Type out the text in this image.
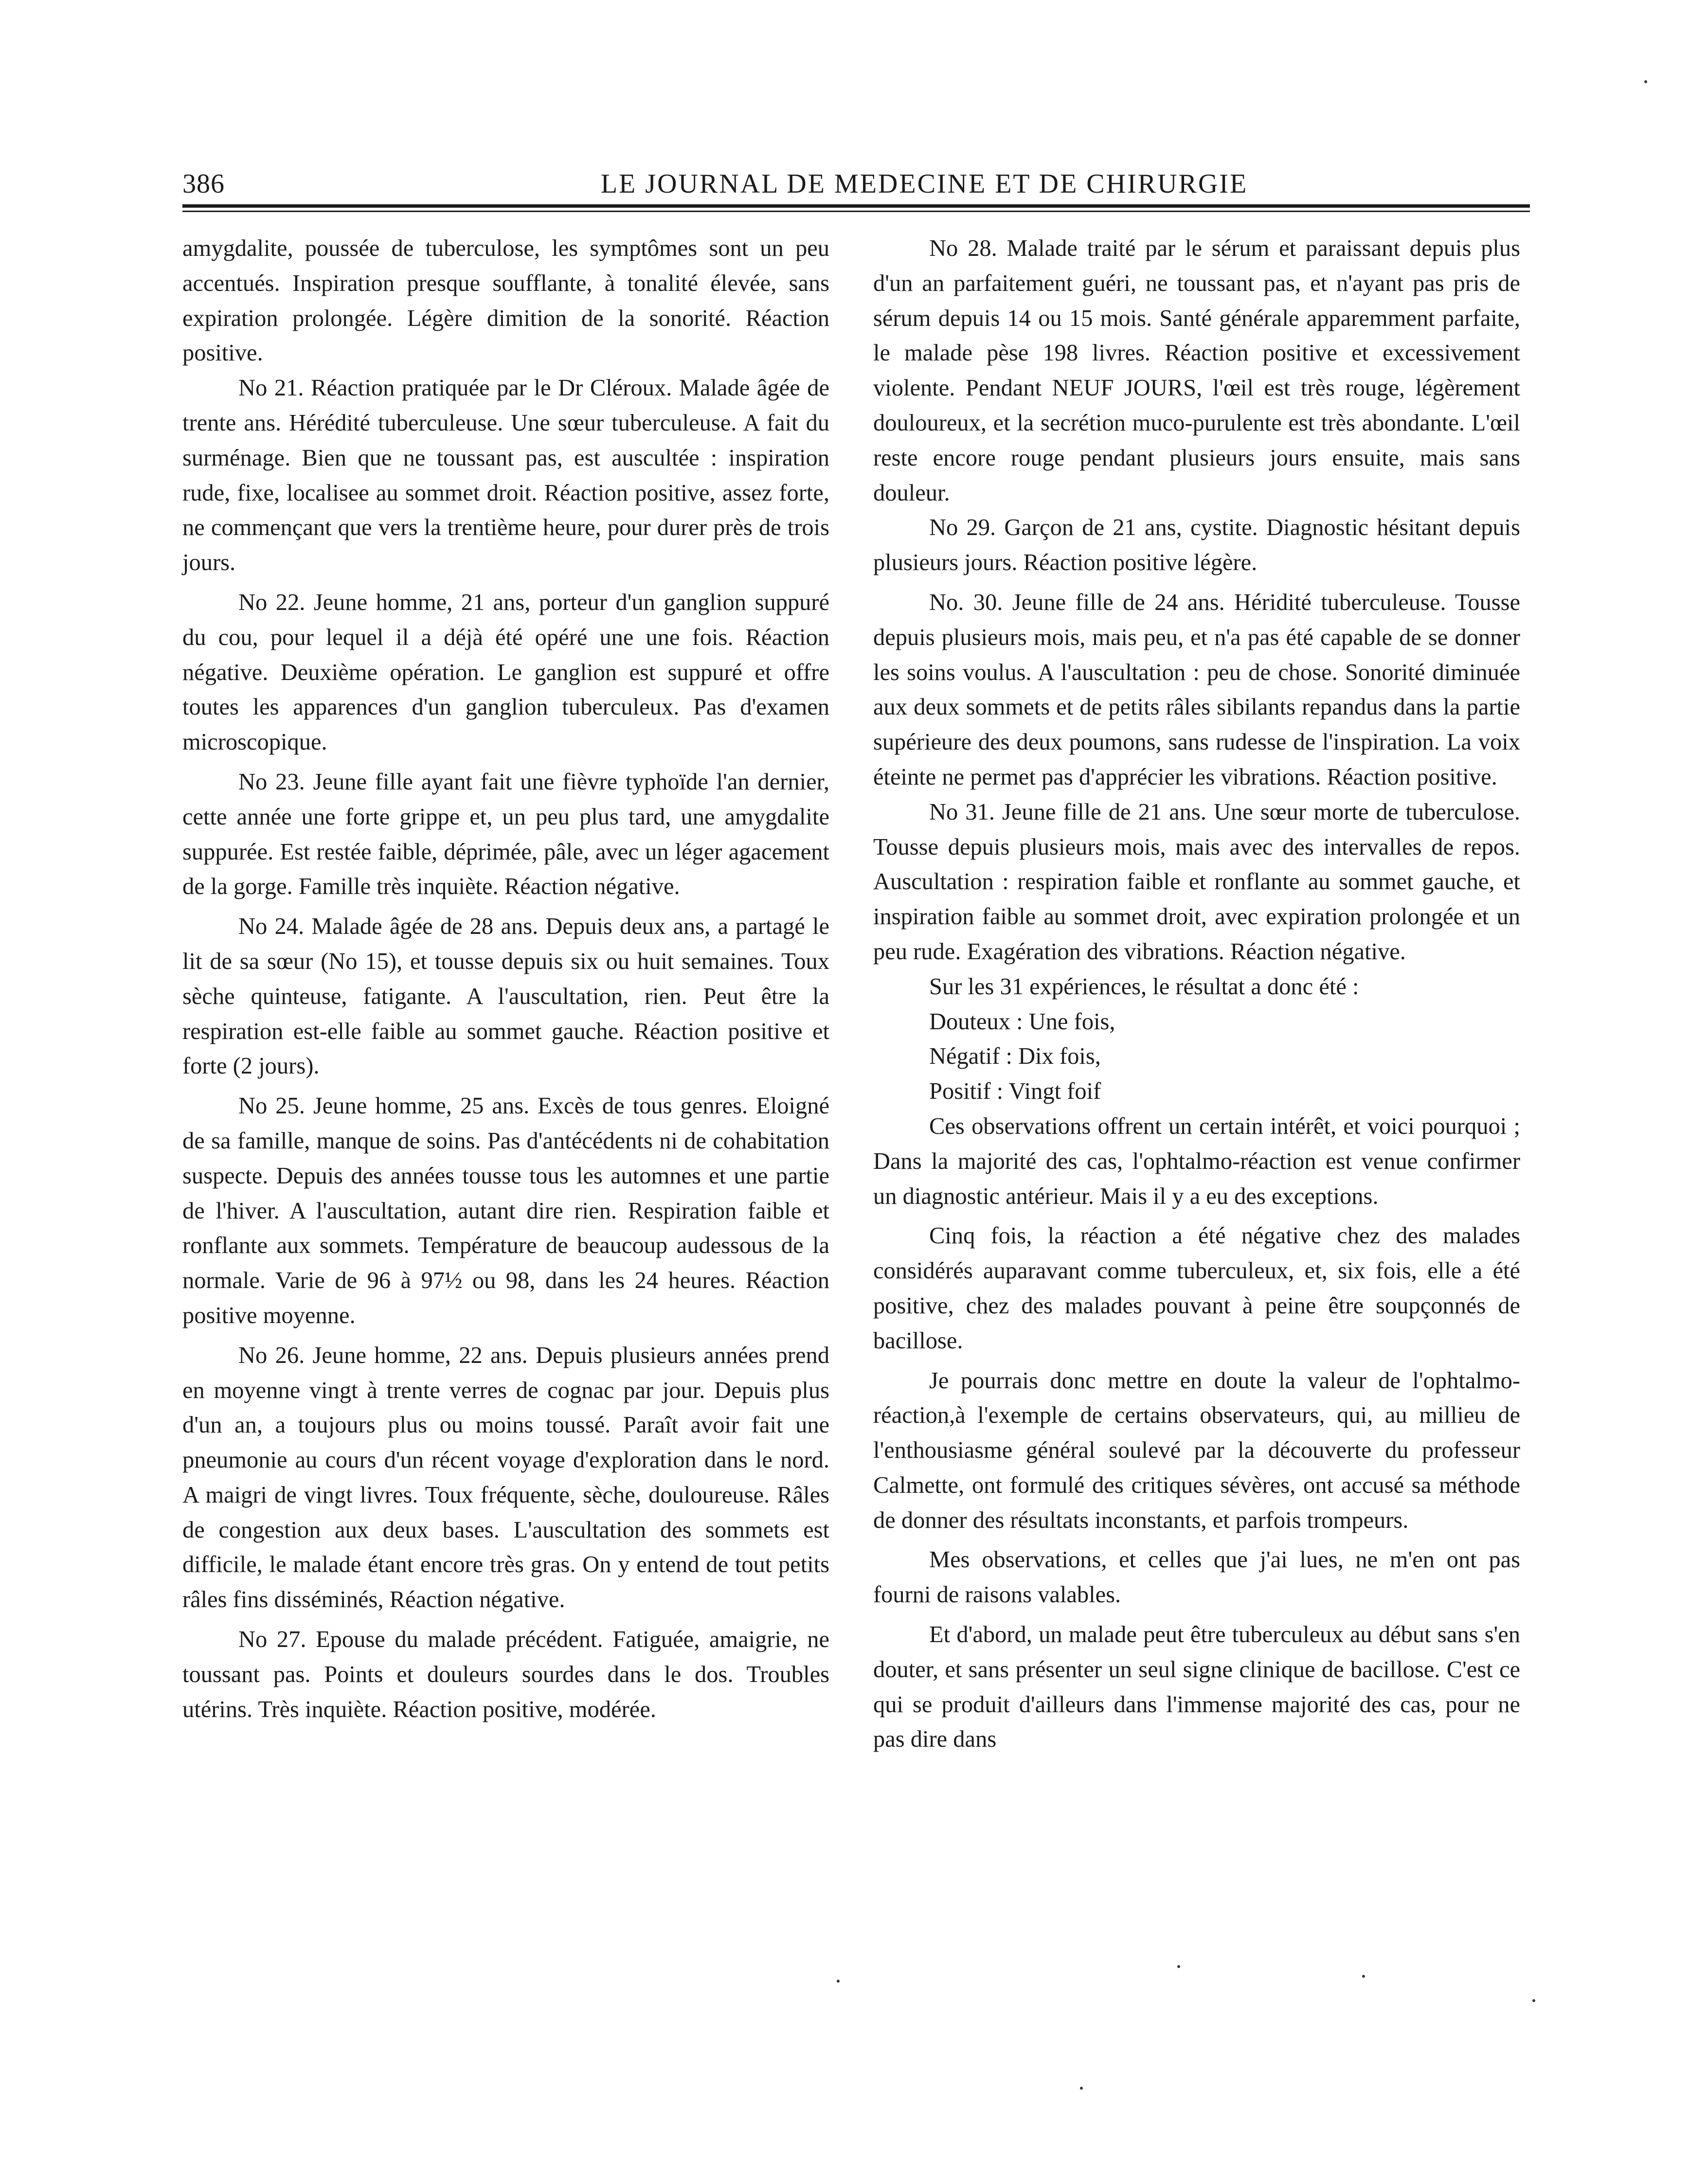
386	LE JOURNAL DE MEDECINE ET DE CHIRURGIE

amygdalite, poussée de tuberculose, les symptômes sont un peu accentués. Inspiration presque soufflante, à tonalité élevée, sans expiration prolongée. Légère dimition de la sonorité. Réaction positive.

No 21. Réaction pratiquée par le Dr Cléroux. Malade âgée de trente ans. Hérédité tuberculeuse. Une sœur tuberculeuse. A fait du surménage. Bien que ne toussant pas, est auscultée : inspiration rude, fixe, localisee au sommet droit. Réaction positive, assez forte, ne commençant que vers la trentième heure, pour durer près de trois jours.

No 22. Jeune homme, 21 ans, porteur d'un ganglion suppuré du cou, pour lequel il a déjà été opéré une une fois. Réaction négative. Deuxième opération. Le ganglion est suppuré et offre toutes les apparences d'un ganglion tuberculeux. Pas d'examen microscopique.

No 23. Jeune fille ayant fait une fièvre typhoïde l'an dernier, cette année une forte grippe et, un peu plus tard, une amygdalite suppurée. Est restée faible, déprimée, pâle, avec un léger agacement de la gorge. Famille très inquiète. Réaction négative.

No 24. Malade âgée de 28 ans. Depuis deux ans, a partagé le lit de sa sœur (No 15), et tousse depuis six ou huit semaines. Toux sèche quinteuse, fatigante. A l'auscultation, rien. Peut être la respiration est-elle faible au sommet gauche. Réaction positive et forte (2 jours).

No 25. Jeune homme, 25 ans. Excès de tous genres. Eloigné de sa famille, manque de soins. Pas d'antécédents ni de cohabitation suspecte. Depuis des années tousse tous les automnes et une partie de l'hiver. A l'auscultation, autant dire rien. Respiration faible et ronflante aux sommets. Température de beaucoup audessous de la normale. Varie de 96 à 97½ ou 98, dans les 24 heures. Réaction positive moyenne.

No 26. Jeune homme, 22 ans. Depuis plusieurs années prend en moyenne vingt à trente verres de cognac par jour. Depuis plus d'un an, a toujours plus ou moins toussé. Paraît avoir fait une pneumonie au cours d'un récent voyage d'exploration dans le nord. A maigri de vingt livres. Toux fréquente, sèche, douloureuse. Râles de congestion aux deux bases. L'auscultation des sommets est difficile, le malade étant encore très gras. On y entend de tout petits râles fins disséminés, Réaction négative.

No 27. Epouse du malade précédent. Fatiguée, amaigrie, ne toussant pas. Points et douleurs sourdes dans le dos. Troubles utérins. Très inquiète. Réaction positive, modérée.

No 28. Malade traité par le sérum et paraissant depuis plus d'un an parfaitement guéri, ne toussant pas, et n'ayant pas pris de sérum depuis 14 ou 15 mois. Santé générale apparemment parfaite, le malade pèse 198 livres. Réaction positive et excessivement violente. Pendant NEUF JOURS, l'œil est très rouge, légèrement douloureux, et la secrétion muco-purulente est très abondante. L'œil reste encore rouge pendant plusieurs jours ensuite, mais sans douleur.

No 29. Garçon de 21 ans, cystite. Diagnostic hésitant depuis plusieurs jours. Réaction positive légère.

No. 30. Jeune fille de 24 ans. Héridité tuberculeuse. Tousse depuis plusieurs mois, mais peu, et n'a pas été capable de se donner les soins voulus. A l'auscultation : peu de chose. Sonorité diminuée aux deux sommets et de petits râles sibilants repandus dans la partie supérieure des deux poumons, sans rudesse de l'inspiration. La voix éteinte ne permet pas d'apprécier les vibrations. Réaction positive.

No 31. Jeune fille de 21 ans. Une sœur morte de tuberculose. Tousse depuis plusieurs mois, mais avec des intervalles de repos. Auscultation : respiration faible et ronflante au sommet gauche, et inspiration faible au sommet droit, avec expiration prolongée et un peu rude. Exagération des vibrations. Réaction négative.

Sur les 31 expériences, le résultat a donc été :

Douteux : Une fois,

Négatif : Dix fois,

Positif : Vingt foif

Ces observations offrent un certain intérêt, et voici pourquoi ; Dans la majorité des cas, l'ophtalmo-réaction est venue confirmer un diagnostic antérieur. Mais il y a eu des exceptions.

Cinq fois, la réaction a été négative chez des malades considérés auparavant comme tuberculeux, et, six fois, elle a été positive, chez des malades pouvant à peine être soupçonnés de bacillose.

Je pourrais donc mettre en doute la valeur de l'ophtalmo-réaction,à l'exemple de certains observateurs, qui, au millieu de l'enthousiasme général soulevé par la découverte du professeur Calmette, ont formulé des critiques sévères, ont accusé sa méthode de donner des résultats inconstants, et parfois trompeurs.

Mes observations, et celles que j'ai lues, ne m'en ont pas fourni de raisons valables.

Et d'abord, un malade peut être tuberculeux au début sans s'en douter, et sans présenter un seul signe clinique de bacillose. C'est ce qui se produit d'ailleurs dans l'immense majorité des cas, pour ne pas dire dans
